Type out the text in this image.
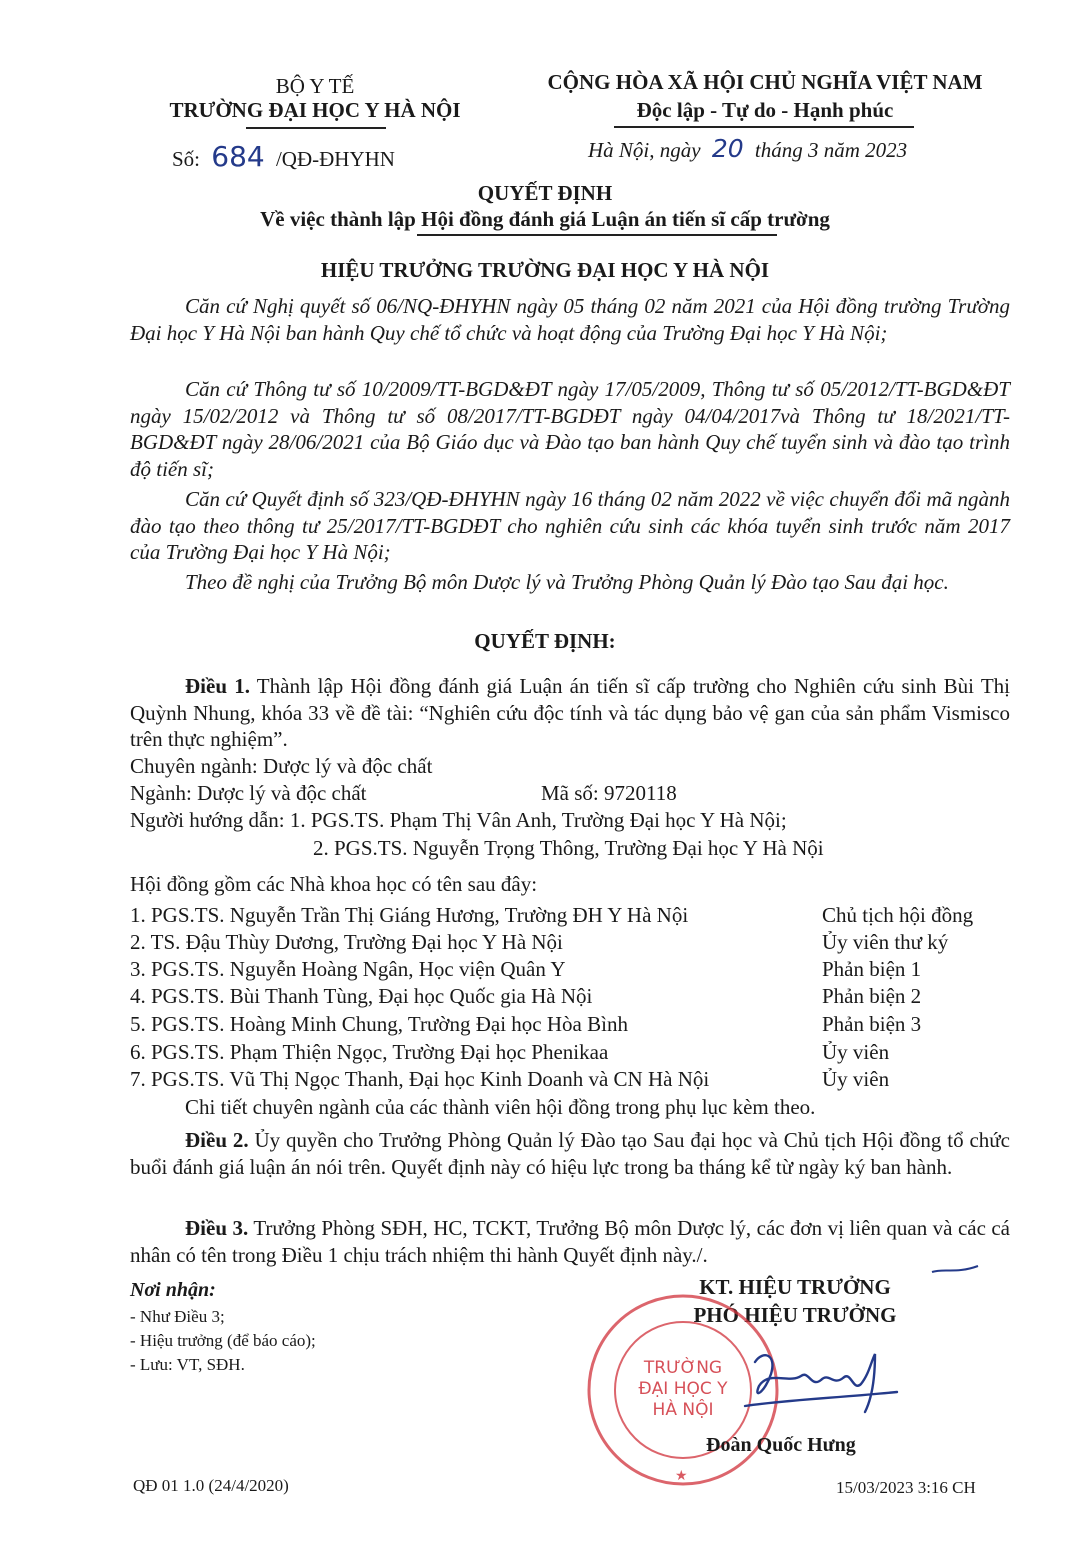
BỘ Y TẾ
TRƯỜNG ĐẠI HỌC Y HÀ NỘI
Số: 684 /QĐ-ĐHYHN
CỘNG HÒA XÃ HỘI CHỦ NGHĨA VIỆT NAM
Độc lập - Tự do - Hạnh phúc
Hà Nội, ngày 20 tháng 3 năm 2023
QUYẾT ĐỊNH
Về việc thành lập Hội đồng đánh giá Luận án tiến sĩ cấp trường
HIỆU TRƯỞNG TRƯỜNG ĐẠI HỌC Y HÀ NỘI
Căn cứ Nghị quyết số 06/NQ-ĐHYHN ngày 05 tháng 02 năm 2021 của Hội đồng trường Trường Đại học Y Hà Nội ban hành Quy chế tổ chức và hoạt động của Trường Đại học Y Hà Nội;
Căn cứ Thông tư số 10/2009/TT-BGD&ĐT ngày 17/05/2009, Thông tư số 05/2012/TT-BGD&ĐT ngày 15/02/2012 và Thông tư số 08/2017/TT-BGDĐT ngày 04/04/2017và Thông tư 18/2021/TT-BGD&ĐT ngày 28/06/2021 của Bộ Giáo dục và Đào tạo ban hành Quy chế tuyển sinh và đào tạo trình độ tiến sĩ;
Căn cứ Quyết định số 323/QĐ-ĐHYHN ngày 16 tháng 02 năm 2022 về việc chuyển đổi mã ngành đào tạo theo thông tư 25/2017/TT-BGDĐT cho nghiên cứu sinh các khóa tuyển sinh trước năm 2017 của Trường Đại học Y Hà Nội;
Theo đề nghị của Trưởng Bộ môn Dược lý và Trưởng Phòng Quản lý Đào tạo Sau đại học.
QUYẾT ĐỊNH:
Điều 1. Thành lập Hội đồng đánh giá Luận án tiến sĩ cấp trường cho Nghiên cứu sinh Bùi Thị Quỳnh Nhung, khóa 33 về đề tài: “Nghiên cứu độc tính và tác dụng bảo vệ gan của sản phẩm Vismisco trên thực nghiệm”.
Chuyên ngành: Dược lý và độc chất
Ngành: Dược lý và độc chất	Mã số: 9720118
Người hướng dẫn: 1. PGS.TS. Phạm Thị Vân Anh, Trường Đại học Y Hà Nội;
2. PGS.TS. Nguyễn Trọng Thông, Trường Đại học Y Hà Nội
Hội đồng gồm các Nhà khoa học có tên sau đây:
1. PGS.TS. Nguyễn Trần Thị Giáng Hương, Trường ĐH Y Hà Nội	Chủ tịch hội đồng
2. TS. Đậu Thùy Dương, Trường Đại học Y Hà Nội	Ủy viên thư ký
3. PGS.TS. Nguyễn Hoàng Ngân, Học viện Quân Y	Phản biện 1
4. PGS.TS. Bùi Thanh Tùng, Đại học Quốc gia Hà Nội	Phản biện 2
5. PGS.TS. Hoàng Minh Chung, Trường Đại học Hòa Bình	Phản biện 3
6. PGS.TS. Phạm Thiện Ngọc, Trường Đại học Phenikaa	Ủy viên
7. PGS.TS. Vũ Thị Ngọc Thanh, Đại học Kinh Doanh và CN Hà Nội	Ủy viên
Chi tiết chuyên ngành của các thành viên hội đồng trong phụ lục kèm theo.
Điều 2. Ủy quyền cho Trưởng Phòng Quản lý Đào tạo Sau đại học và Chủ tịch Hội đồng tổ chức buổi đánh giá luận án nói trên. Quyết định này có hiệu lực trong ba tháng kể từ ngày ký ban hành.
Điều 3. Trưởng Phòng SĐH, HC, TCKT, Trưởng Bộ môn Dược lý, các đơn vị liên quan và các cá nhân có tên trong Điều 1 chịu trách nhiệm thi hành Quyết định này./.
Nơi nhận:
- Như Điều 3;
- Hiệu trưởng (để báo cáo);
- Lưu: VT, SĐH.
KT. HIỆU TRƯỞNG
PHÓ HIỆU TRƯỞNG
TRƯỜNG
ĐẠI HỌC Y
HÀ NỘI
★
Đoàn Quốc Hưng
QĐ 01 1.0 (24/4/2020)	15/03/2023 3:16 CH
